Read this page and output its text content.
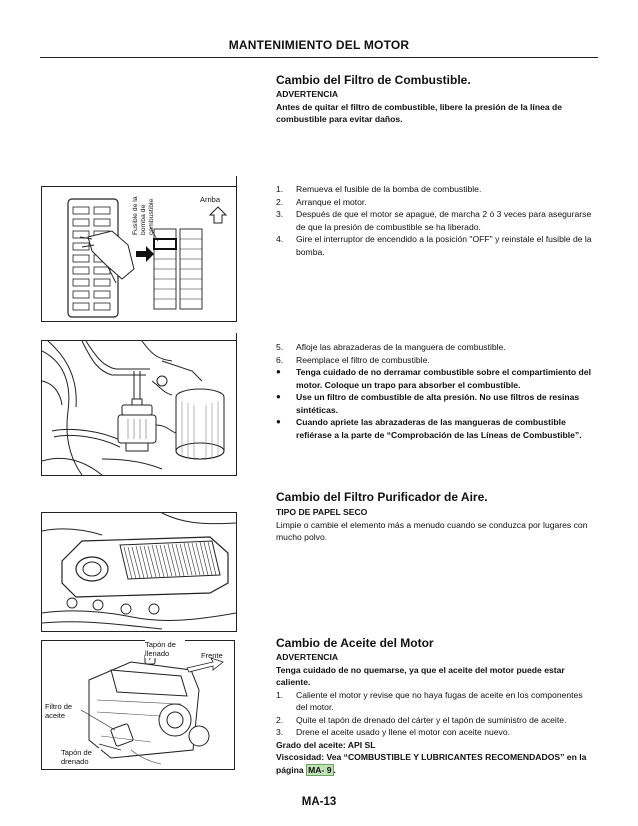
MANTENIMIENTO DEL MOTOR
Cambio del Filtro de Combustible.
ADVERTENCIA
Antes de quitar el filtro de combustible, libere la presión de la línea de combustible para evitar daños.
1. Remueva el fusible de la bomba de combustible.
2. Arranque el motor.
3. Después de que el motor se apague, de marcha 2 ó 3 veces para asegurarse de que la presión de combustible se ha liberado.
4. Gire el interruptor de encendido a la posición "OFF" y reinstale el fusible de la bomba.
5. Afloje las abrazaderas de la manguera de combustible.
6. Reemplace el filtro de combustible.
● Tenga cuidado de no derramar combustible sobre el compartimiento del motor. Coloque un trapo para absorber el combustible.
● Use un filtro de combustible de alta presión. No use filtros de resinas sintéticas.
● Cuando apriete las abrazaderas de las mangueras de combustible refiérase a la parte de “Comprobación de las Líneas de Combustible”.
Fusible de la bomba de combustible	Arriba
Cambio del Filtro Purificador de Aire.
TIPO DE PAPEL SECO
Limpie o cambie el elemento más a menudo cuando se conduzca por lugares con mucho polvo.
Cambio de Aceite del Motor
ADVERTENCIA
Tenga cuidado de no quemarse, ya que el aceite del motor puede estar caliente.
1. Caliente el motor y revise que no haya fugas de aceite en los componentes del motor.
2. Quite el tapón de drenado del cárter y el tapón de suministro de aceite.
3. Drene el aceite usado y llene el motor con aceite nuevo.
Grado del aceite: API SL
Viscosidad: Vea “COMBUSTIBLE Y LUBRICANTES RECOMENDADOS” en la página MA- 9 .
Tapón de llenado	Frente
Filtro de aceite
Tapón de drenado
MA-13
